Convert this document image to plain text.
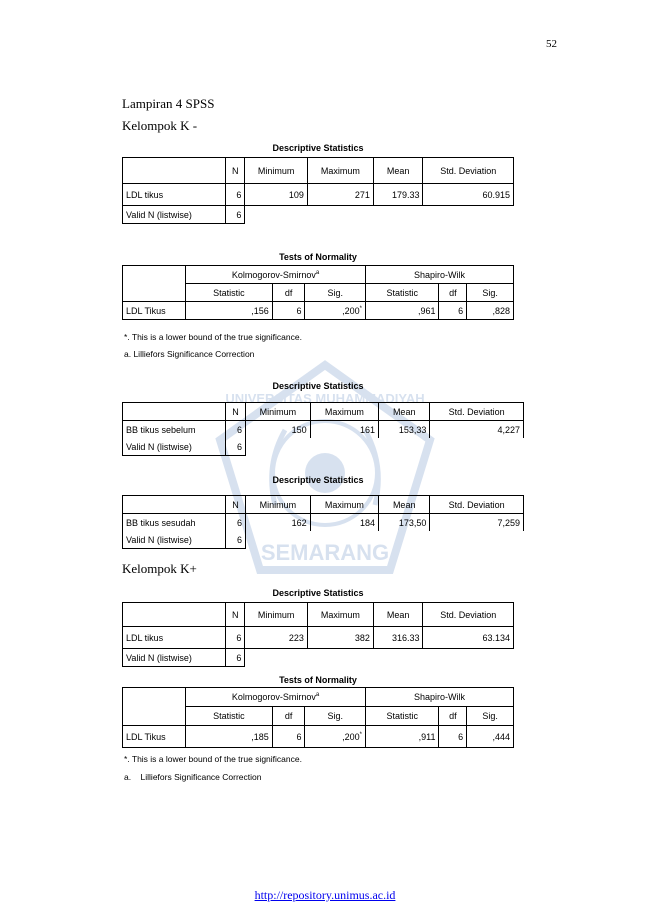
SEMARANG
UNIVERSITAS MUHAMMADIYAH
52
Lampiran 4 SPSS
Kelompok K -
Descriptive Statistics
	N	Minimum	Maximum	Mean	Std. Deviation
LDL tikus	6	109	271	179.33	60.915
Valid N (listwise)	6				
Tests of Normality
	Kolmogorov-Smirnov$^a$			Shapiro-Wilk		
	Statistic	df	Sig.	Statistic	df	Sig.
LDL Tikus	,156	6	,200*	,961	6	,828
*. This is a lower bound of the true significance.
a. Lilliefors Significance Correction
Descriptive Statistics
	N	Minimum	Maximum	Mean	Std. Deviation
BB tikus sebelum	6	150	161	153,33	4,227
Valid N (listwise)	6				
Descriptive Statistics
	N	Minimum	Maximum	Mean	Std. Deviation
BB tikus sesudah	6	162	184	173,50	7,259
Valid N (listwise)	6				
Kelompok K+
Descriptive Statistics
	N	Minimum	Maximum	Mean	Std. Deviation
LDL tikus	6	223	382	316.33	63.134
Valid N (listwise)	6				
Tests of Normality
	Kolmogorov-Smirnov$^a$			Shapiro-Wilk		
	Statistic	df	Sig.	Statistic	df	Sig.
LDL Tikus	,185	6	,200*	,911	6	,444
*. This is a lower bound of the true significance.
a.    Lilliefors Significance Correction
http://repository.unimus.ac.id
